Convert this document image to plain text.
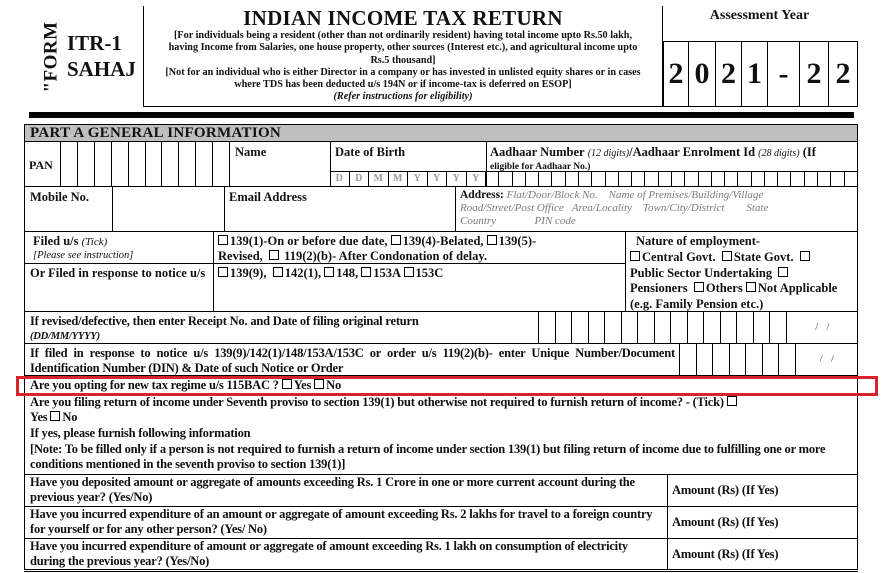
"FORM ITR-1
SAHAJ
INDIAN INCOME TAX RETURN
[For individuals being a resident (other than not ordinarily resident) having total income upto Rs.50 lakh,
having Income from Salaries, one house property, other sources (Interest etc.), and agricultural income upto
Rs.5 thousand]
[Not for an individual who is either Director in a company or has invested in unlisted equity shares or in cases
where TDS has been deducted u/s 194N or if income-tax is deferred on ESOP]
(Refer instructions for eligibility)
Assessment Year
2 0 2 1 - 2 2
PART A GENERAL INFORMATION
PAN
Name	Date of Birth
D	D	M	M	Y	Y	Y	Y
Aadhaar Number (12 digits)/Aadhaar Enrolment Id (28 digits) (If
eligible for Aadhaar No.)
Mobile No.	Email Address	Address: Flat/Door/Block No.    Name of Premises/Building/Village
Road/Street/Post Office   Area/Locality    Town/City/District        State
Country              PIN code
Filed u/s (Tick)
[Please see instruction]
139(1)-On or before due date, 139(4)-Belated, 139(5)-
Revised, 119(2)(b)- After Condonation of delay.
Or Filed in response to notice u/s	139(9), 142(1), 148, 153A 153C
Nature of employment-
Central Govt. State Govt.
Public Sector Undertaking
Pensioners Others Not Applicable (e.g. Family Pension etc.)
If revised/defective, then enter Receipt No. and Date of filing original return
(DD/MM/YYYY)
/   /
If filed in response to notice u/s 139(9)/142(1)/148/153A/153C or order u/s 119(2)(b)- enter Unique Number/Document Identification Number (DIN) & Date of such Notice or Order
/   /
Are you opting for new tax regime u/s 115BAC ? Yes No
Are you filing return of income under Seventh proviso to section 139(1) but otherwise not required to furnish return of income? - (Tick)
Yes No
If yes, please furnish following information
[Note: To be filled only if a person is not required to furnish a return of income under section 139(1) but filing return of income due to fulfilling one or more conditions mentioned in the seventh proviso to section 139(1)]
Have you deposited amount or aggregate of amounts exceeding Rs. 1 Crore in one or more current account during the previous year? (Yes/No)	Amount (Rs) (If Yes)
Have you incurred expenditure of an amount or aggregate of amount exceeding Rs. 2 lakhs for travel to a foreign country for yourself or for any other person? (Yes/ No)	Amount (Rs) (If Yes)
Have you incurred expenditure of amount or aggregate of amount exceeding Rs. 1 lakh on consumption of electricity during the previous year? (Yes/No)	Amount (Rs) (If Yes)
